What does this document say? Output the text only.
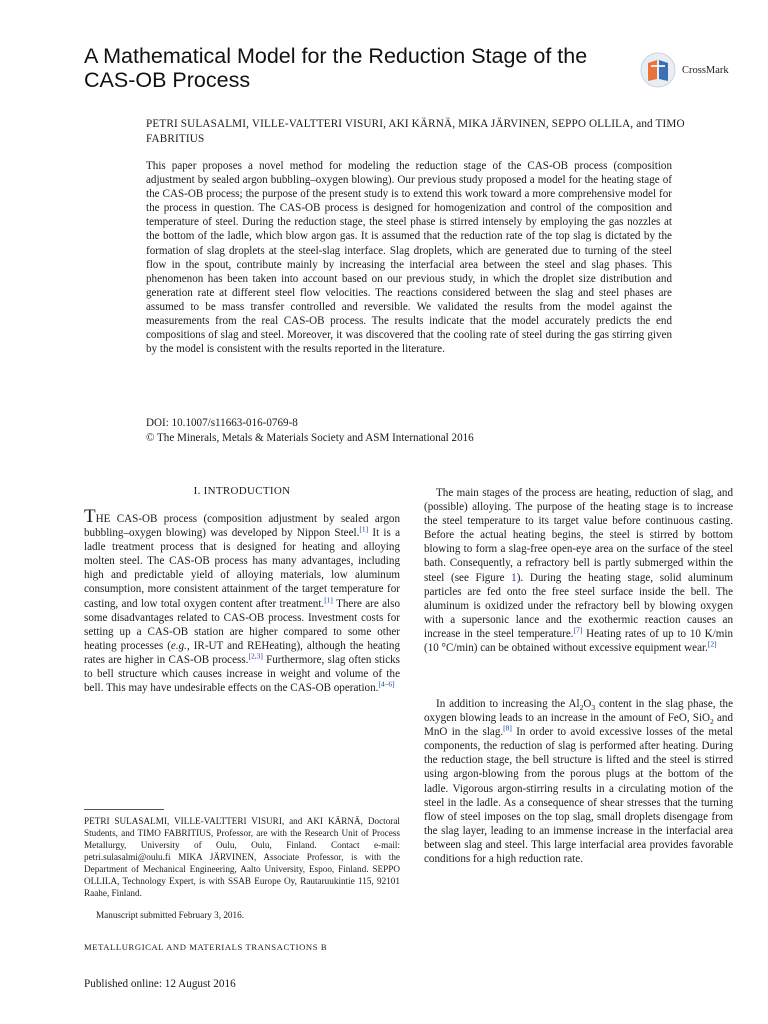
A Mathematical Model for the Reduction Stage of the CAS-OB Process	CrossMark
PETRI SULASALMI, VILLE-VALTTERI VISURI, AKI KÄRNÄ, MIKA JÄRVINEN, SEPPO OLLILA, and TIMO FABRITIUS

This paper proposes a novel method for modeling the reduction stage of the CAS-OB process (composition adjustment by sealed argon bubbling–oxygen blowing). Our previous study proposed a model for the heating stage of the CAS-OB process; the purpose of the present study is to extend this work toward a more comprehensive model for the process in question. The CAS-OB process is designed for homogenization and control of the composition and temperature of steel. During the reduction stage, the steel phase is stirred intensely by employing the gas nozzles at the bottom of the ladle, which blow argon gas. It is assumed that the reduction rate of the top slag is dictated by the formation of slag droplets at the steel-slag interface. Slag droplets, which are generated due to turning of the steel flow in the spout, contribute mainly by increasing the interfacial area between the steel and slag phases. This phenomenon has been taken into account based on our previous study, in which the droplet size distribution and generation rate at different steel flow velocities. The reactions considered between the slag and steel phases are assumed to be mass transfer controlled and reversible. We validated the results from the model against the measurements from the real CAS-OB process. The results indicate that the model accurately predicts the end compositions of slag and steel. Moreover, it was discovered that the cooling rate of steel during the gas stirring given by the model is consistent with the results reported in the literature.

DOI: 10.1007/s11663-016-0769-8
© The Minerals, Metals & Materials Society and ASM International 2016
I. INTRODUCTION

THE CAS-OB process (composition adjustment by sealed argon bubbling–oxygen blowing) was developed by Nippon Steel.[1] It is a ladle treatment process that is designed for heating and alloying molten steel. The CAS-OB process has many advantages, including high and predictable yield of alloying materials, low aluminum consumption, more consistent attainment of the target temperature for casting, and low total oxygen content after treatment.[1] There are also some disadvantages related to CAS-OB process. Investment costs for setting up a CAS-OB station are higher compared to some other heating processes (e.g., IR-UT and REHeating), although the heating rates are higher in CAS-OB process.[2,3] Furthermore, slag often sticks to bell structure which causes increase in weight and volume of the bell. This may have undesirable effects on the CAS-OB operation.[4–6]

PETRI SULASALMI, VILLE-VALTTERI VISURI, and AKI KÄRNÄ, Doctoral Students, and TIMO FABRITIUS, Professor, are with the Research Unit of Process Metallurgy, University of Oulu, Oulu, Finland. Contact e-mail: petri.sulasalmi@oulu.fi MIKA JÄRVINEN, Associate Professor, is with the Department of Mechanical Engineering, Aalto University, Espoo, Finland. SEPPO OLLILA, Technology Expert, is with SSAB Europe Oy, Rautaruukintie 115, 92101 Raahe, Finland.

Manuscript submitted February 3, 2016.
METALLURGICAL AND MATERIALS TRANSACTIONS B
Published online: 12 August 2016

The main stages of the process are heating, reduction of slag, and (possible) alloying. The purpose of the heating stage is to increase the steel temperature to its target value before continuous casting. Before the actual heating begins, the steel is stirred by bottom blowing to form a slag-free open-eye area on the surface of the steel bath. Consequently, a refractory bell is partly submerged within the steel (see Figure 1). During the heating stage, solid aluminum particles are fed onto the free steel surface inside the bell. The aluminum is oxidized under the refractory bell by blowing oxygen with a supersonic lance and the exothermic reaction causes an increase in the steel temperature.[7] Heating rates of up to 10 K/min (10 °C/min) can be obtained without excessive equipment wear.[2]

In addition to increasing the $Al_2O_3$ content in the slag phase, the oxygen blowing leads to an increase in the amount of FeO, SiO$_2$ and MnO in the slag.[8] In order to avoid excessive losses of the metal components, the reduction of slag is performed after heating. During the reduction stage, the bell structure is lifted and the steel is stirred using argon-blowing from the porous plugs at the bottom of the ladle. Vigorous argon-stirring results in a circulating motion of the steel in the ladle. As a consequence of shear stresses that the turning flow of steel imposes on the top slag, small droplets disengage from the slag layer, leading to an immense increase in the interfacial area between slag and steel. This large interfacial area provides favorable conditions for a high reduction rate.
